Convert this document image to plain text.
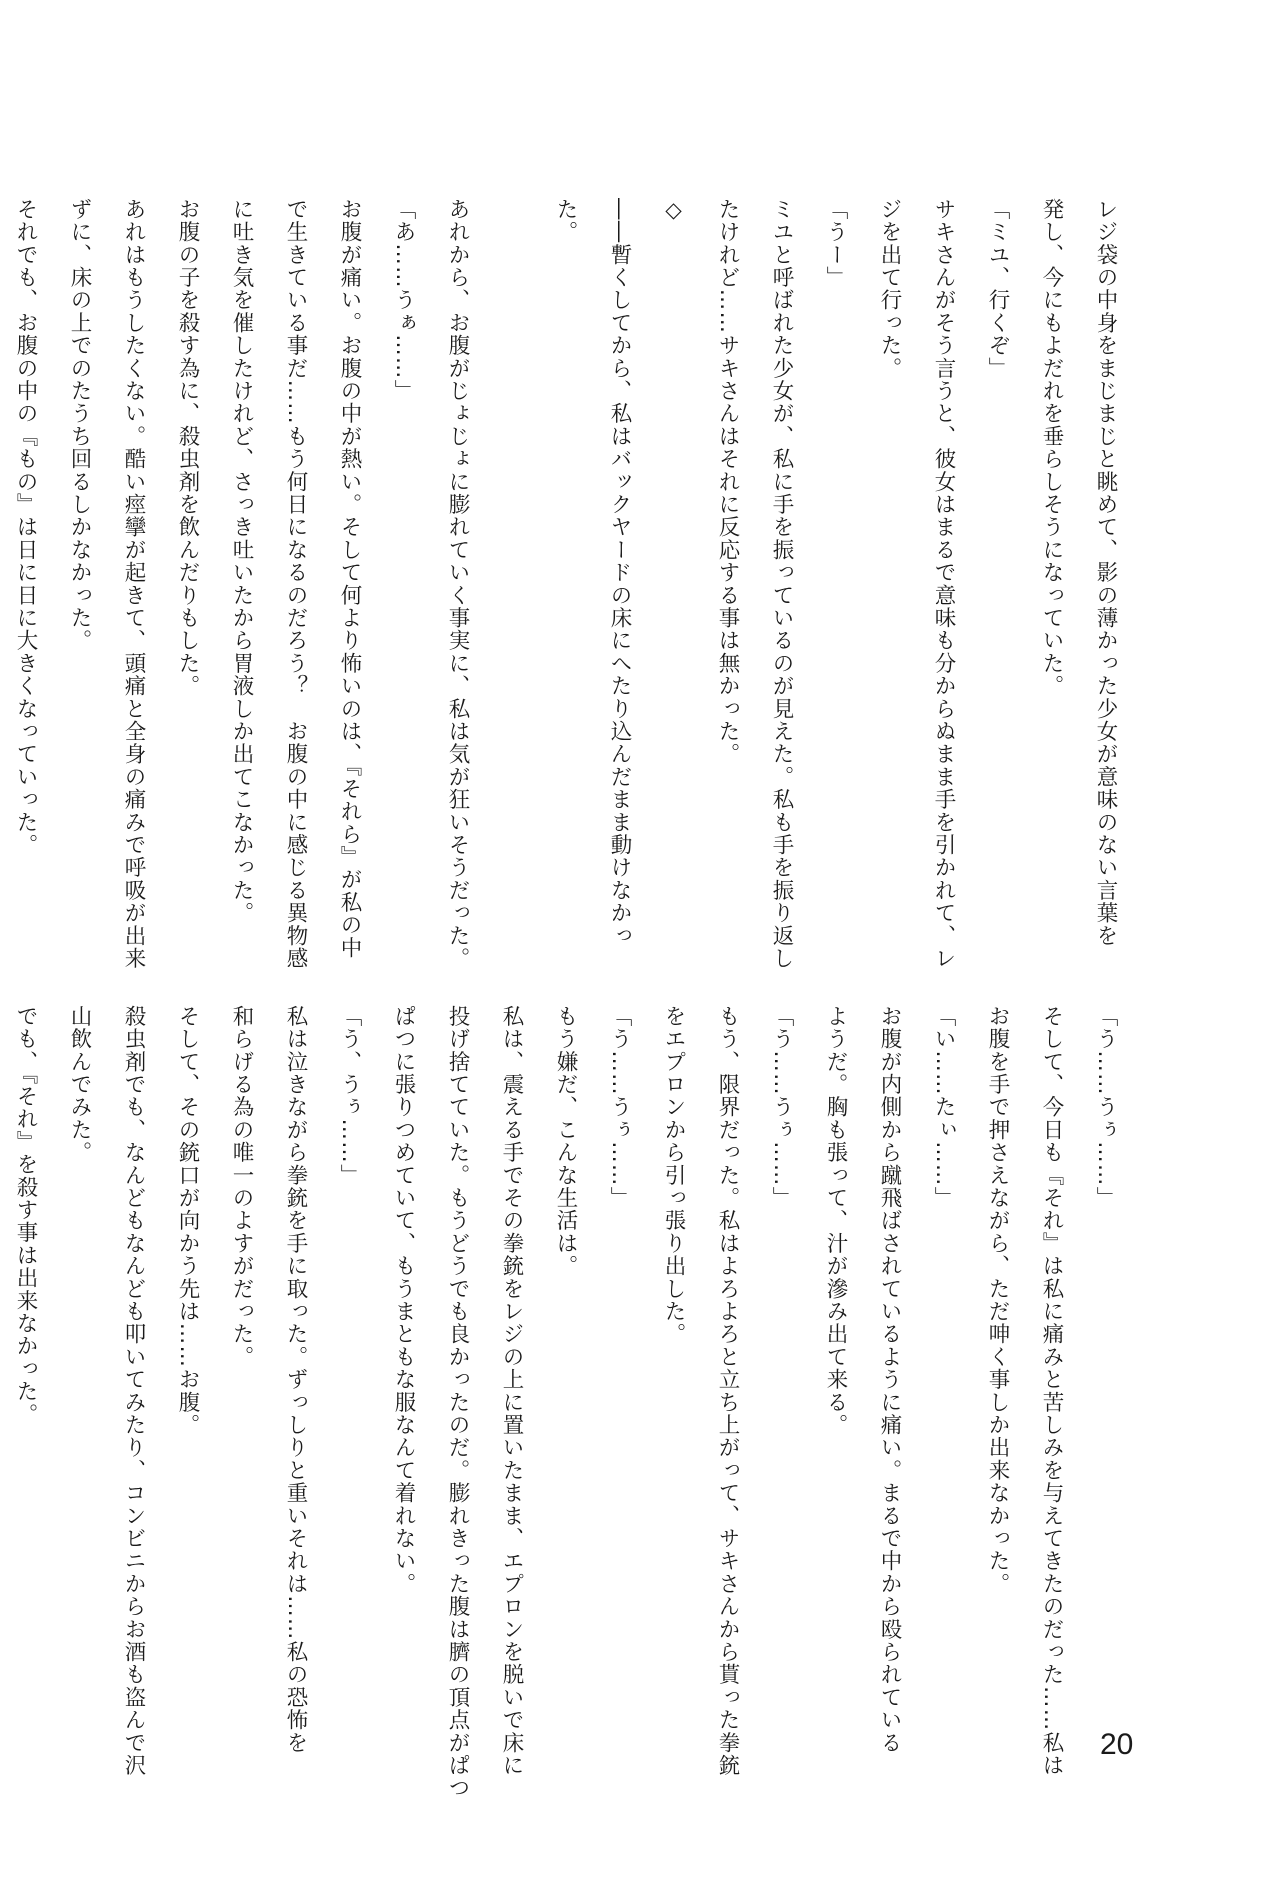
レジ袋の中身をまじまじと眺めて、影の薄かった少女が意味のない言葉を
発し、今にもよだれを垂らしそうになっていた。
「ミユ、行くぞ」
サキさんがそう言うと、彼女はまるで意味も分からぬまま手を引かれて、レ
ジを出て行った。
「うー」
ミユと呼ばれた少女が、私に手を振っているのが見えた。私も手を振り返し
たけれど……サキさんはそれに反応する事は無かった。
◇
――暫くしてから、私はバックヤードの床にへたり込んだまま動けなかっ
た。
あれから、お腹がじょじょに膨れていく事実に、私は気が狂いそうだった。
「あ……うぁ……」
お腹が痛い。お腹の中が熱い。そして何より怖いのは、『それら』が私の中
で生きている事だ……もう何日になるのだろう？　お腹の中に感じる異物感
に吐き気を催したけれど、さっき吐いたから胃液しか出てこなかった。
お腹の子を殺す為に、殺虫剤を飲んだりもした。
あれはもうしたくない。酷い痙攣が起きて、頭痛と全身の痛みで呼吸が出来
ずに、床の上でのたうち回るしかなかった。
それでも、お腹の中の『もの』は日に日に大きくなっていった。
「う……うぅ……」
そして、今日も『それ』は私に痛みと苦しみを与えてきたのだった……私は
お腹を手で押さえながら、ただ呻く事しか出来なかった。
「い……たぃ……」
お腹が内側から蹴飛ばされているように痛い。まるで中から殴られている
ようだ。胸も張って、汁が滲み出て来る。
「う……うぅ……」
もう、限界だった。私はよろよろと立ち上がって、サキさんから貰った拳銃
をエプロンから引っ張り出した。
「う……うぅ……」
もう嫌だ、こんな生活は。
私は、震える手でその拳銃をレジの上に置いたまま、エプロンを脱いで床に
投げ捨てていた。もうどうでも良かったのだ。膨れきった腹は臍の頂点がぱつ
ぱつに張りつめていて、もうまともな服なんて着れない。
「う、うぅ……」
私は泣きながら拳銃を手に取った。ずっしりと重いそれは……私の恐怖を
和らげる為の唯一のよすがだった。
そして、その銃口が向かう先は……お腹。
殺虫剤でも、なんどもなんども叩いてみたり、コンビニからお酒も盗んで沢
山飲んでみた。
でも、『それ』を殺す事は出来なかった。
20
